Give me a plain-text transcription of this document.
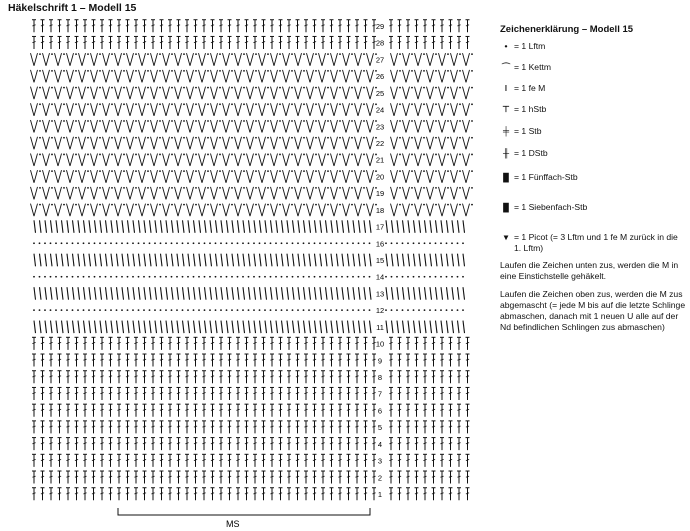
Häkelschrift 1 – Modell 15
29
28
27
26
25
24
23
22
21
20
19
18
17
16
15
14
13
12
11
10
9
8
7
6
5
4
3
2
1
MS
Zeichenerklärung – Modell 15
• = 1 Lftm
⌒ = 1 Kettm
ǀ = 1 fe M
⊤ = 1 hStb
╪ = 1 Stb
╫ = 1 DStb
█ = 1 Fünffach-Stb
█ = 1 Siebenfach-Stb
▾ = 1 Picot (= 3 Lftm und 1 fe M zurück in die 1. Lftm)
Laufen die Zeichen unten zus, werden die M in eine Einstichstelle gehäkelt.
Laufen die Zeichen oben zus, werden die M zus abgemascht (= jede M bis auf die letzte Schlinge abmaschen, danach mit 1 neuen U alle auf der Nd befindlichen Schlingen zus abmaschen)
